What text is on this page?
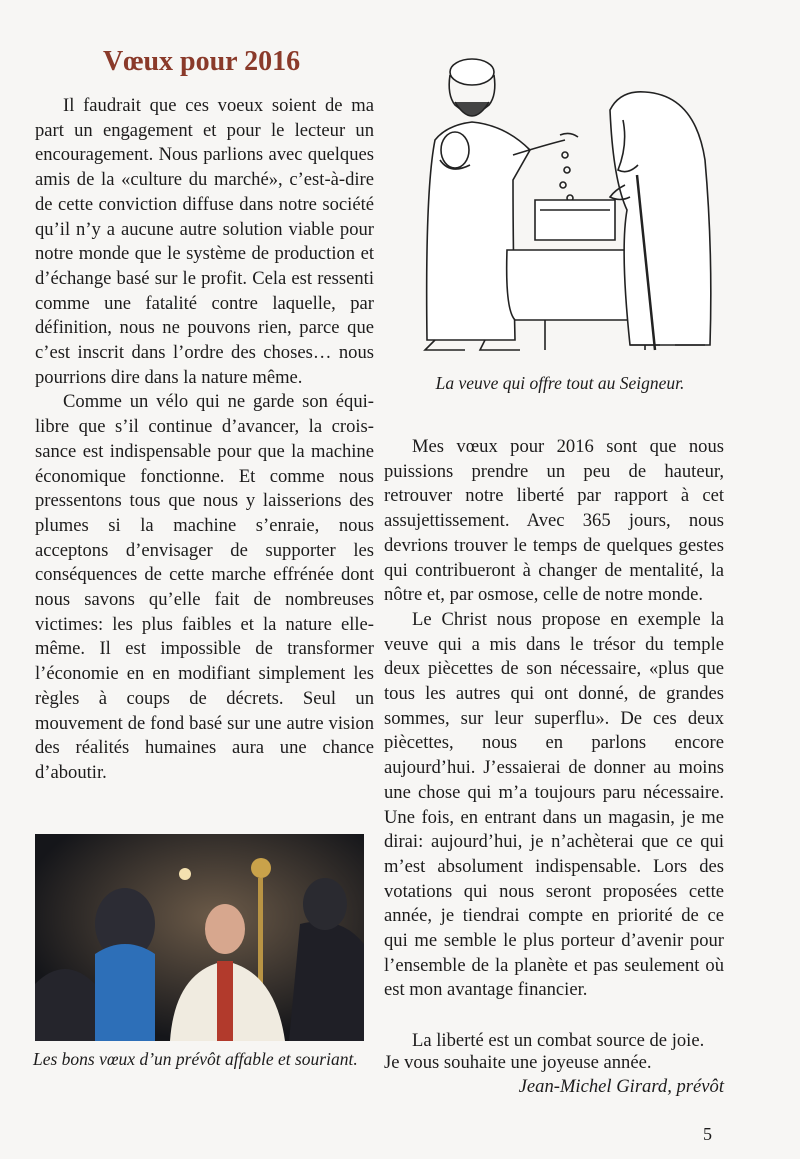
Vœux pour 2016

Il faudrait que ces voeux soient de ma part un engagement et pour le lecteur un encouragement. Nous parlions avec quelques amis de la «culture du marché», c’est-à-dire de cette conviction diffuse dans notre société qu’il n’y a aucune autre solution viable pour notre monde que le système de production et d’échange basé sur le profit. Cela est ressenti comme une fatalité contre laquelle, par définition, nous ne pouvons rien, parce que c’est inscrit dans l’ordre des choses… nous pourrions dire dans la nature même.

Comme un vélo qui ne garde son équilibre que s’il continue d’avancer, la croissance est indispensable pour que la machine économique fonctionne. Et comme nous pressentons tous que nous y laisserions des plumes si la machine s’enraie, nous acceptons d’envisager de supporter les conséquences de cette marche effrénée dont nous savons qu’elle fait de nombreuses victimes: les plus faibles et la nature elle-même. Il est impossible de transformer l’économie en en modifiant simplement les règles à coups de décrets. Seul un mouvement de fond basé sur une autre vision des réalités humaines aura une chance d’aboutir.

La veuve qui offre tout au Seigneur.
Les bons vœux d’un prévôt affable et souriant.

Mes vœux pour 2016 sont que nous puissions prendre un peu de hauteur, retrouver notre liberté par rapport à cet assujettissement. Avec 365 jours, nous devrions trouver le temps de quelques gestes qui contribueront à changer de mentalité, la nôtre et, par osmose, celle de notre monde.

Le Christ nous propose en exemple la veuve qui a mis dans le trésor du temple deux piècettes de son nécessaire, «plus que tous les autres qui ont donné, de grandes sommes, sur leur superflu». De ces deux piècettes, nous en parlons encore aujourd’hui. J’essaierai de donner au moins une chose qui m’a toujours paru nécessaire. Une fois, en entrant dans un magasin, je me dirai: aujourd’hui, je n’achèterai que ce qui m’est absolument indispensable. Lors des votations qui nous seront proposées cette année, je tiendrai compte en priorité de ce qui me semble le plus porteur d’avenir pour l’ensemble de la planète et pas seulement où est mon avantage financier.

La liberté est un combat source de joie.

Je vous souhaite une joyeuse année.

Jean-Michel Girard, prévôt

5
